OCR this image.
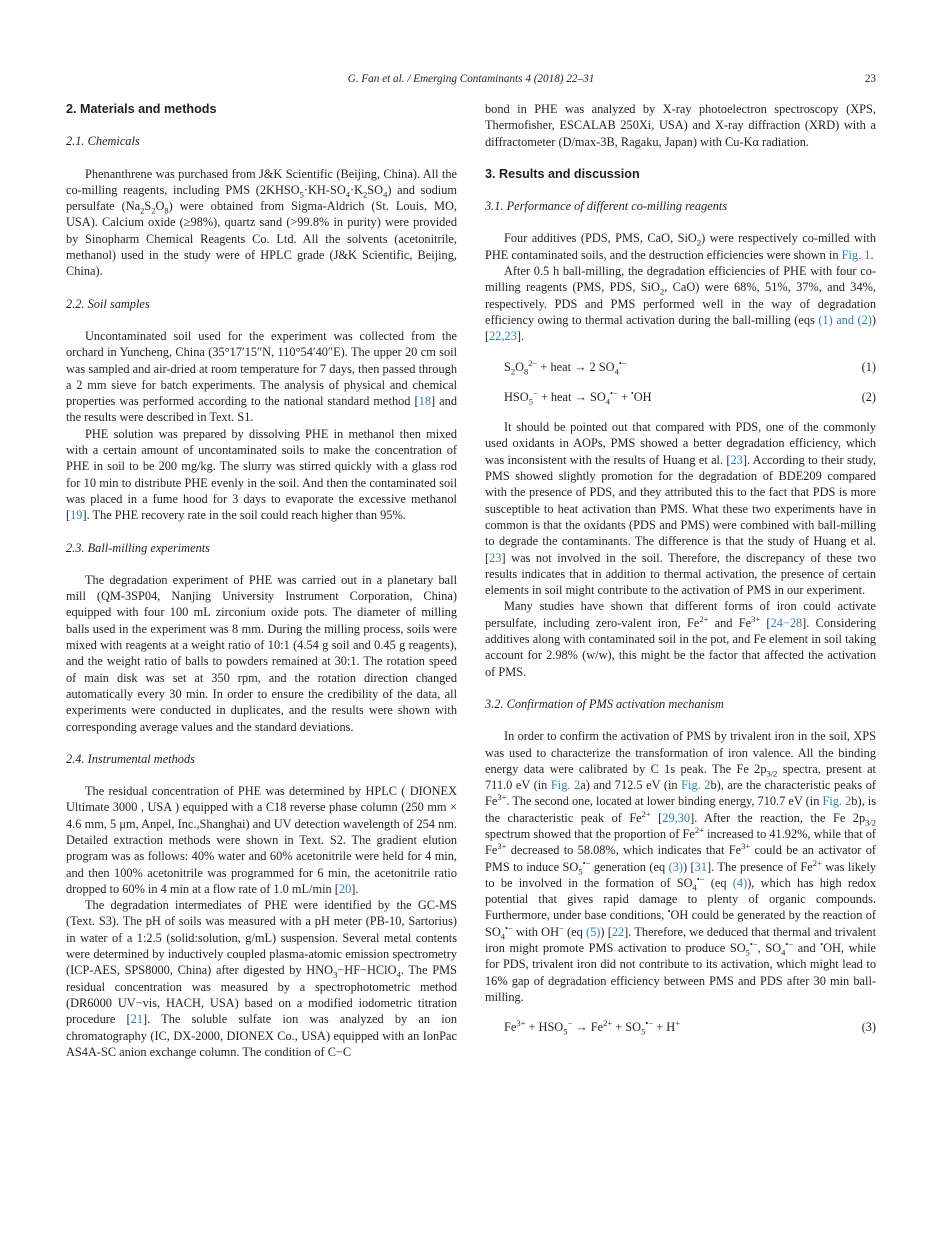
G. Fan et al. / Emerging Contaminants 4 (2018) 22–31	23

2. Materials and methods

2.1. Chemicals

Phenanthrene was purchased from J&K Scientific (Beijing, China). All the co-milling reagents, including PMS $(2KHSO_5\cdot KH-SO_4\cdot K_2SO_4)$ and sodium persulfate $(Na_2S_2O_8)$ were obtained from Sigma-Aldrich (St. Louis, MO, USA). Calcium oxide (≥98%), quartz sand (>99.8% in purity) were provided by Sinopharm Chemical Reagents Co. Ltd. All the solvents (acetonitrile, methanol) used in the study were of HPLC grade (J&K Scientific, Beijing, China).

2.2. Soil samples

Uncontaminated soil used for the experiment was collected from the orchard in Yuncheng, China (35°17′15″N, 110°54′40″E). The upper 20 cm soil was sampled and air-dried at room temperature for 7 days, then passed through a 2 mm sieve for batch experiments. The analysis of physical and chemical properties was performed according to the national standard method [18] and the results were described in Text. S1.

PHE solution was prepared by dissolving PHE in methanol then mixed with a certain amount of uncontaminated soils to make the concentration of PHE in soil to be 200 mg/kg. The slurry was stirred quickly with a glass rod for 10 min to distribute PHE evenly in the soil. And then the contaminated soil was placed in a fume hood for 3 days to evaporate the excessive methanol [19]. The PHE recovery rate in the soil could reach higher than 95%.

2.3. Ball-milling experiments

The degradation experiment of PHE was carried out in a planetary ball mill (QM-3SP04, Nanjing University Instrument Corporation, China) equipped with four 100 mL zirconium oxide pots. The diameter of milling balls used in the experiment was 8 mm. During the milling process, soils were mixed with reagents at a weight ratio of 10:1 (4.54 g soil and 0.45 g reagents), and the weight ratio of balls to powders remained at 30:1. The rotation speed of main disk was set at 350 rpm, and the rotation direction changed automatically every 30 min. In order to ensure the credibility of the data, all experiments were conducted in duplicates, and the results were shown with corresponding average values and the standard deviations.

2.4. Instrumental methods

The residual concentration of PHE was determined by HPLC ( DIONEX Ultimate 3000 , USA ) equipped with a C18 reverse phase column (250 mm × 4.6 mm, 5 μm, Anpel, Inc.,Shanghai) and UV detection wavelength of 254 nm. Detailed extraction methods were shown in Text. S2. The gradient elution program was as follows: 40% water and 60% acetonitrile were held for 4 min, and then 100% acetonitrile was programmed for 6 min, the acetonitrile ratio dropped to 60% in 4 min at a flow rate of 1.0 mL/min [20].

The degradation intermediates of PHE were identified by the GC-MS (Text. S3). The pH of soils was measured with a pH meter (PB-10, Sartorius) in water of a 1:2.5 (solid:solution, g/mL) suspension. Several metal contents were determined by inductively coupled plasma-atomic emission spectrometry (ICP-AES, SPS8000, China) after digested by $HNO_3-HF-HClO_4$. The PMS residual concentration was measured by a spectrophotometric method (DR6000 UV−vis, HACH, USA) based on a modified iodometric titration procedure [21]. The soluble sulfate ion was analyzed by an ion chromatography (IC, DX-2000, DIONEX Co., USA) equipped with an IonPac AS4A-SC anion exchange column. The condition of C−C

bond in PHE was analyzed by X-ray photoelectron spectroscopy (XPS, Thermofisher, ESCALAB 250Xi, USA) and X-ray diffraction (XRD) with a diffractometer (D/max-3B, Ragaku, Japan) with Cu-Kα radiation.

3. Results and discussion

3.1. Performance of different co-milling reagents

Four additives (PDS, PMS, CaO, SiO$_2$) were respectively co-milled with PHE contaminated soils, and the destruction efficiencies were shown in Fig. 1.

After 0.5 h ball-milling, the degradation efficiencies of PHE with four co-milling reagents (PMS, PDS, SiO$_2$, CaO) were 68%, 51%, 37%, and 34%, respectively. PDS and PMS performed well in the way of degradation efficiency owing to thermal activation during the ball-milling (eqs (1) and (2)) [22,23].

$S_2O_8^{2-}$ + heat → 2 $SO_4^{•-}$	(1)

$HSO_5^-$ + heat → $SO_4^{•-} + ^•OH$	(2)

It should be pointed out that compared with PDS, one of the commonly used oxidants in AOPs, PMS showed a better degradation efficiency, which was inconsistent with the results of Huang et al. [23]. According to their study, PMS showed slightly promotion for the degradation of BDE209 compared with the presence of PDS, and they attributed this to the fact that PDS is more susceptible to heat activation than PMS. What these two experiments have in common is that the oxidants (PDS and PMS) were combined with ball-milling to degrade the contaminants. The difference is that the study of Huang et al. [23] was not involved in the soil. Therefore, the discrepancy of these two results indicates that in addition to thermal activation, the presence of certain elements in soil might contribute to the activation of PMS in our experiment.

Many studies have shown that different forms of iron could activate persulfate, including zero-valent iron, $Fe^{2+}$ and $Fe^{3+}$ [24−28]. Considering additives along with contaminated soil in the pot, and Fe element in soil taking account for 2.98% (w/w), this might be the factor that affected the activation of PMS.

3.2. Confirmation of PMS activation mechanism

In order to confirm the activation of PMS by trivalent iron in the soil, XPS was used to characterize the transformation of iron valence. All the binding energy data were calibrated by C 1s peak. The Fe $2p_{3/2}$ spectra, present at 711.0 eV (in Fig. 2a) and 712.5 eV (in Fig. 2b), are the characteristic peaks of $Fe^{3+}$. The second one, located at lower binding energy, 710.7 eV (in Fig. 2b), is the characteristic peak of $Fe^{2+}$ [29,30]. After the reaction, the Fe $2p_{3/2}$ spectrum showed that the proportion of $Fe^{2+}$ increased to 41.92%, while that of $Fe^{3+}$ decreased to 58.08%, which indicates that $Fe^{3+}$ could be an activator of PMS to induce $SO_5^{•-}$ generation (eq (3)) [31]. The presence of $Fe^{2+}$ was likely to be involved in the formation of $SO_4^{•-}$ (eq (4)), which has high redox potential that gives rapid damage to plenty of organic compounds. Furthermore, under base conditions, •OH could be generated by the reaction of $SO_4^{•-}$ with OH− (eq (5)) [22]. Therefore, we deduced that thermal and trivalent iron might promote PMS activation to produce $SO_5^{•-}$, $SO_4^{•-}$ and •OH, while for PDS, trivalent iron did not contribute to its activation, which might lead to 16% gap of degradation efficiency between PMS and PDS after 30 min ball-milling.

$Fe^{3+} + HSO_5^- \to Fe^{2+} + SO_5^{•-} + H^+$	(3)
